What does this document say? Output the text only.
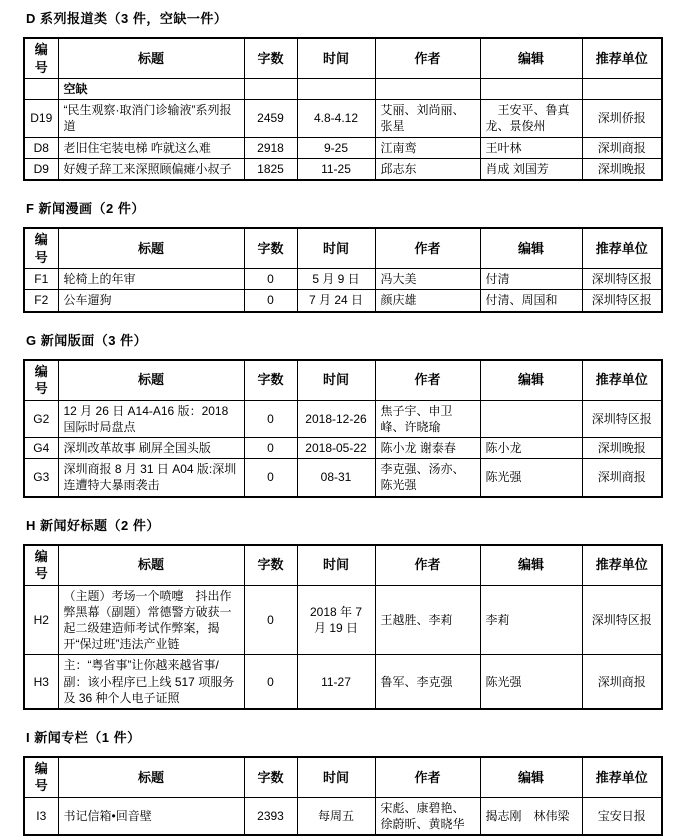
D 系列报道类（3 件，空缺一件）
编号	标题	字数	时间	作者	编辑	推荐单位
	空缺					
D19	“民生观察·取消门诊输液”系列报道	2459	4.8-4.12	艾丽、刘尚丽、张星	　王安平、鲁真龙、景俊州	深圳侨报
D8	老旧住宅装电梯 咋就这么难	2918	9-25	江南鸾	王叶林	深圳商报
D9	好嫂子辞工来深照顾偏瘫小叔子	1825	11-25	邱志东	肖成 刘国芳	深圳晚报
F 新闻漫画（2 件）
编号	标题	字数	时间	作者	编辑	推荐单位
F1	轮椅上的年审	0	5 月 9 日	冯大美	付清	深圳特区报
F2	公车遛狗	0	7 月 24 日	颜庆雄	付清、周国和	深圳特区报
G 新闻版面（3 件）
编号	标题	字数	时间	作者	编辑	推荐单位
G2	12 月 26 日 A14-A16 版：2018 国际时局盘点	0	2018-12-26	焦子宇、申卫峰、许晓瑜		深圳特区报
G4	深圳改革故事 刷屏全国头版	0	2018-05-22	陈小龙 谢泰春	陈小龙	深圳晚报
G3	深圳商报 8 月 31 日 A04 版:深圳连遭特大暴雨袭击	0	08-31	李克强、汤亦、陈光强	陈光强	深圳商报
H 新闻好标题（2 件）
编号	标题	字数	时间	作者	编辑	推荐单位
H2	（主题）考场一个喷嚏　抖出作弊黑幕（副题）常德警方破获一起二级建造师考试作弊案，揭开“保过班”违法产业链	0	2018 年 7 月 19 日	王越胜、李莉	李莉	深圳特区报
H3	主：“粤省事”让你越来越省事/副：该小程序已上线 517 项服务及 36 种个人电子证照	0	11-27	鲁军、李克强	陈光强	深圳商报
I 新闻专栏（1 件）
编号	标题	字数	时间	作者	编辑	推荐单位
I3	书记信箱•回音壁	2393	每周五	宋彪、康碧艳、徐蔚昕、黄晓华	揭志刚　林伟梁	宝安日报
